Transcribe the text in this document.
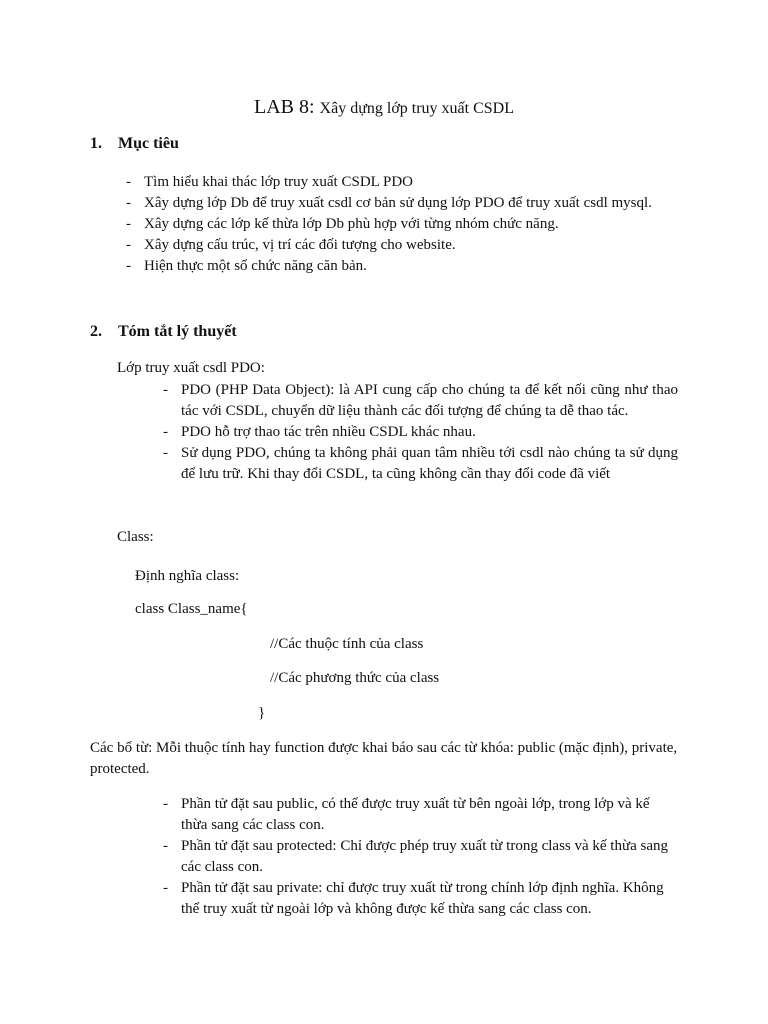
LAB 8: Xây dựng lớp truy xuất CSDL
1. Mục tiêu
- Tìm hiểu khai thác lớp truy xuất CSDL PDO
- Xây dựng lớp Db để truy xuất csdl cơ bản sử dụng lớp PDO để truy xuất csdl mysql.
- Xây dựng các lớp kế thừa lớp Db phù hợp với từng nhóm chức năng.
- Xây dựng cấu trúc, vị trí các đối tượng cho website.
- Hiện thực một số chức năng căn bản.
2. Tóm tắt lý thuyết
Lớp truy xuất csdl PDO:
- PDO (PHP Data Object): là API cung cấp cho chúng ta để kết nối cũng như thao tác với CSDL, chuyển dữ liệu thành các đối tượng để chúng ta dễ thao tác.
- PDO hỗ trợ thao tác trên nhiều CSDL khác nhau.
- Sử dụng PDO, chúng ta không phải quan tâm nhiều tới csdl nào chúng ta sử dụng để lưu trữ. Khi thay đổi CSDL, ta cũng không cần thay đổi code đã viết
Class:
Định nghĩa class:
class Class_name{
//Các thuộc tính của class
//Các phương thức của class
}
Các bổ từ: Mỗi thuộc tính hay function được khai báo sau các từ khóa: public (mặc định), private, protected.
- Phần tử đặt sau public, có thể được truy xuất từ bên ngoài lớp, trong lớp và kế thừa sang các class con.
- Phần tử đặt sau protected: Chỉ được phép truy xuất từ trong class và kế thừa sang các class con.
- Phần tử đặt sau private: chỉ được truy xuất từ trong chính lớp định nghĩa. Không thể truy xuất từ ngoài lớp và không được kế thừa sang các class con.
